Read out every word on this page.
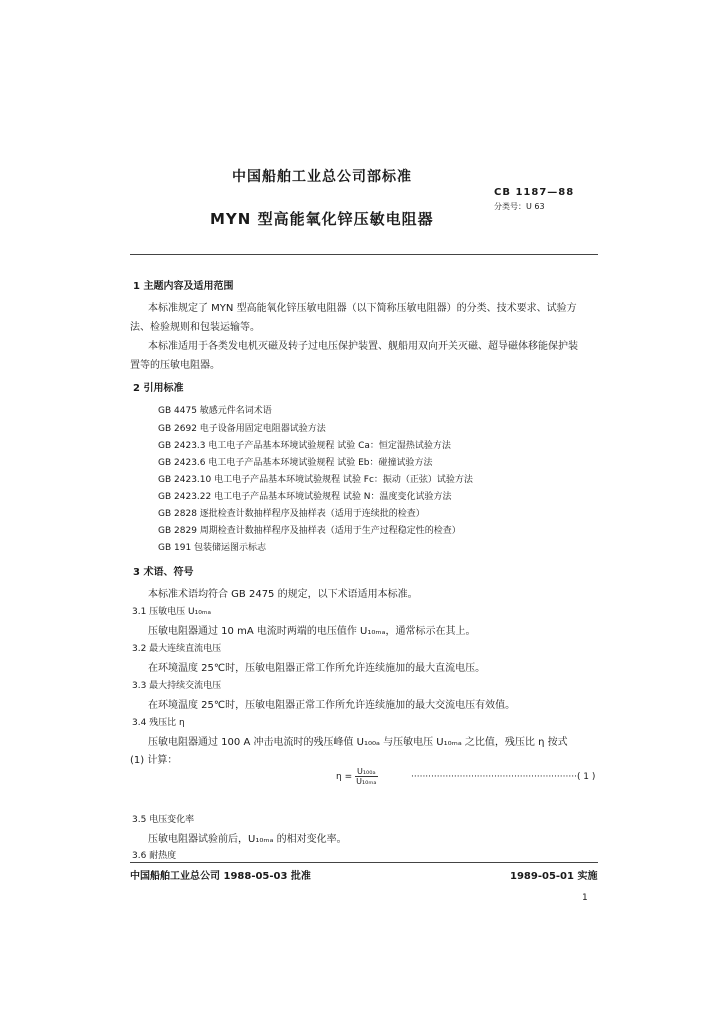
中国船舶工业总公司部标准
CB 1187—88
分类号：U 63
MYN 型高能氧化锌压敏电阻器
1 主题内容及适用范围
本标准规定了 MYN 型高能氧化锌压敏电阻器（以下简称压敏电阻器）的分类、技术要求、试验方
法、检验规则和包装运输等。
本标准适用于各类发电机灭磁及转子过电压保护装置、舰船用双向开关灭磁、超导磁体移能保护装
置等的压敏电阻器。
2 引用标准
GB 4475 敏感元件名词术语
GB 2692 电子设备用固定电阻器试验方法
GB 2423.3 电工电子产品基本环境试验规程 试验 Ca：恒定湿热试验方法
GB 2423.6 电工电子产品基本环境试验规程 试验 Eb：碰撞试验方法
GB 2423.10 电工电子产品基本环境试验规程 试验 Fc：振动（正弦）试验方法
GB 2423.22 电工电子产品基本环境试验规程 试验 N：温度变化试验方法
GB 2828 逐批检查计数抽样程序及抽样表（适用于连续批的检查）
GB 2829 周期检查计数抽样程序及抽样表（适用于生产过程稳定性的检查）
GB 191 包装储运图示标志
3 术语、符号
本标准术语均符合 GB 2475 的规定，以下术语适用本标准。
3.1 压敏电压 U₁₀ₘₐ
压敏电阻器通过 10 mA 电流时两端的电压值作 U₁₀ₘₐ，通常标示在其上。
3.2 最大连续直流电压
在环境温度 25℃时，压敏电阻器正常工作所允许连续施加的最大直流电压。
3.3 最大持续交流电压
在环境温度 25℃时，压敏电阻器正常工作所允许连续施加的最大交流电压有效值。
3.4 残压比 η
压敏电阻器通过 100 A 冲击电流时的残压峰值 U₁₀₀ₐ 与压敏电压 U₁₀ₘₐ 之比值，残压比 η 按式
(1) 计算：
$\eta = \frac{\text{U₁₀₀ₐ}}{\text{U₁₀ₘₐ}}$	··························································( 1 )
3.5 电压变化率
压敏电阻器试验前后，U₁₀ₘₐ 的相对变化率。
3.6 耐热度
中国船舶工业总公司 1988-05-03 批准	1989-05-01 实施
1
